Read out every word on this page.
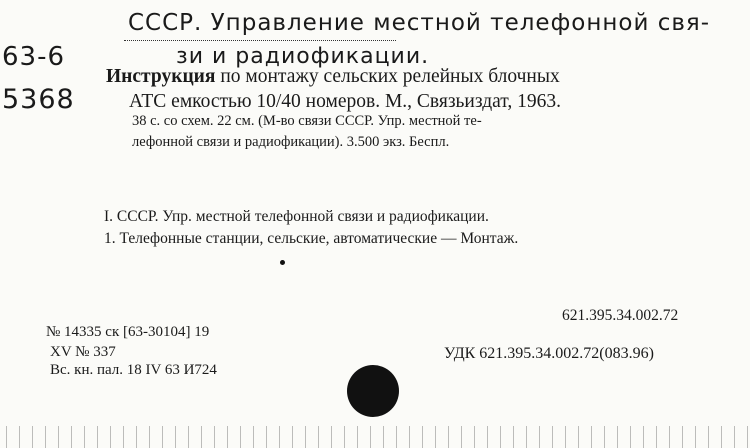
СССР. Управление местной телефонной свя-
зи и радиофикации.
63-6
5368
Инструкция по монтажу сельских релейных блочных
АТС емкостью 10/40 номеров. М., Связьиздат, 1963.
38 с. со схем. 22 см. (М-во связи СССР. Упр. местной те-
лефонной связи и радиофикации). 3.500 экз. Беспл.
I. СССР. Упр. местной телефонной связи и радиофикации.
1. Телефонные станции, сельские, автоматические — Монтаж.
621.395.34.002.72
№ 14335 ск [63-30104] 19
XV № 337	УДК 621.395.34.002.72(083.96)
Вс. кн. пал. 18 IV 63 И724
